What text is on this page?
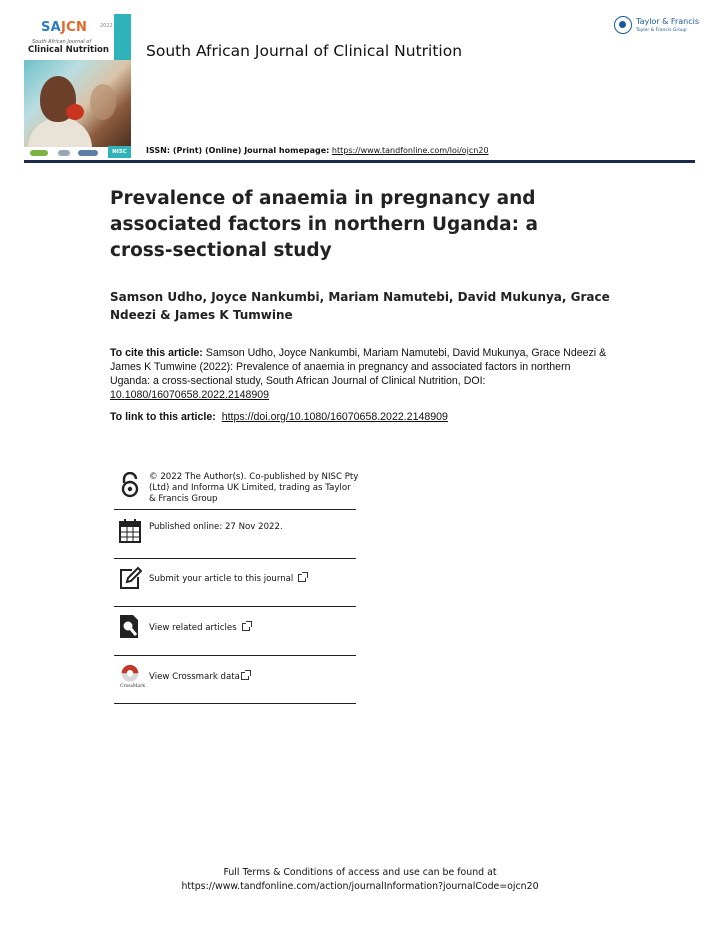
SAJCN	2022
South African Journal of
Clinical Nutrition
NISC
Taylor & Francis
Taylor & Francis Group
South African Journal of Clinical Nutrition
ISSN: (Print) (Online) Journal homepage: https://www.tandfonline.com/loi/ojcn20
Prevalence of anaemia in pregnancy and associated factors in northern Uganda: a cross-sectional study
Samson Udho, Joyce Nankumbi, Mariam Namutebi, David Mukunya, Grace Ndeezi & James K Tumwine
To cite this article: Samson Udho, Joyce Nankumbi, Mariam Namutebi, David Mukunya, Grace Ndeezi & James K Tumwine (2022): Prevalence of anaemia in pregnancy and associated factors in northern Uganda: a cross-sectional study, South African Journal of Clinical Nutrition, DOI:
10.1080/16070658.2022.2148909
To link to this article: https://doi.org/10.1080/16070658.2022.2148909
© 2022 The Author(s). Co-published by NISC Pty (Ltd) and Informa UK Limited, trading as Taylor & Francis Group
Published online: 27 Nov 2022.
Submit your article to this journal
View related articles
CrossMark
View Crossmark data
Full Terms & Conditions of access and use can be found at
https://www.tandfonline.com/action/journalInformation?journalCode=ojcn20
